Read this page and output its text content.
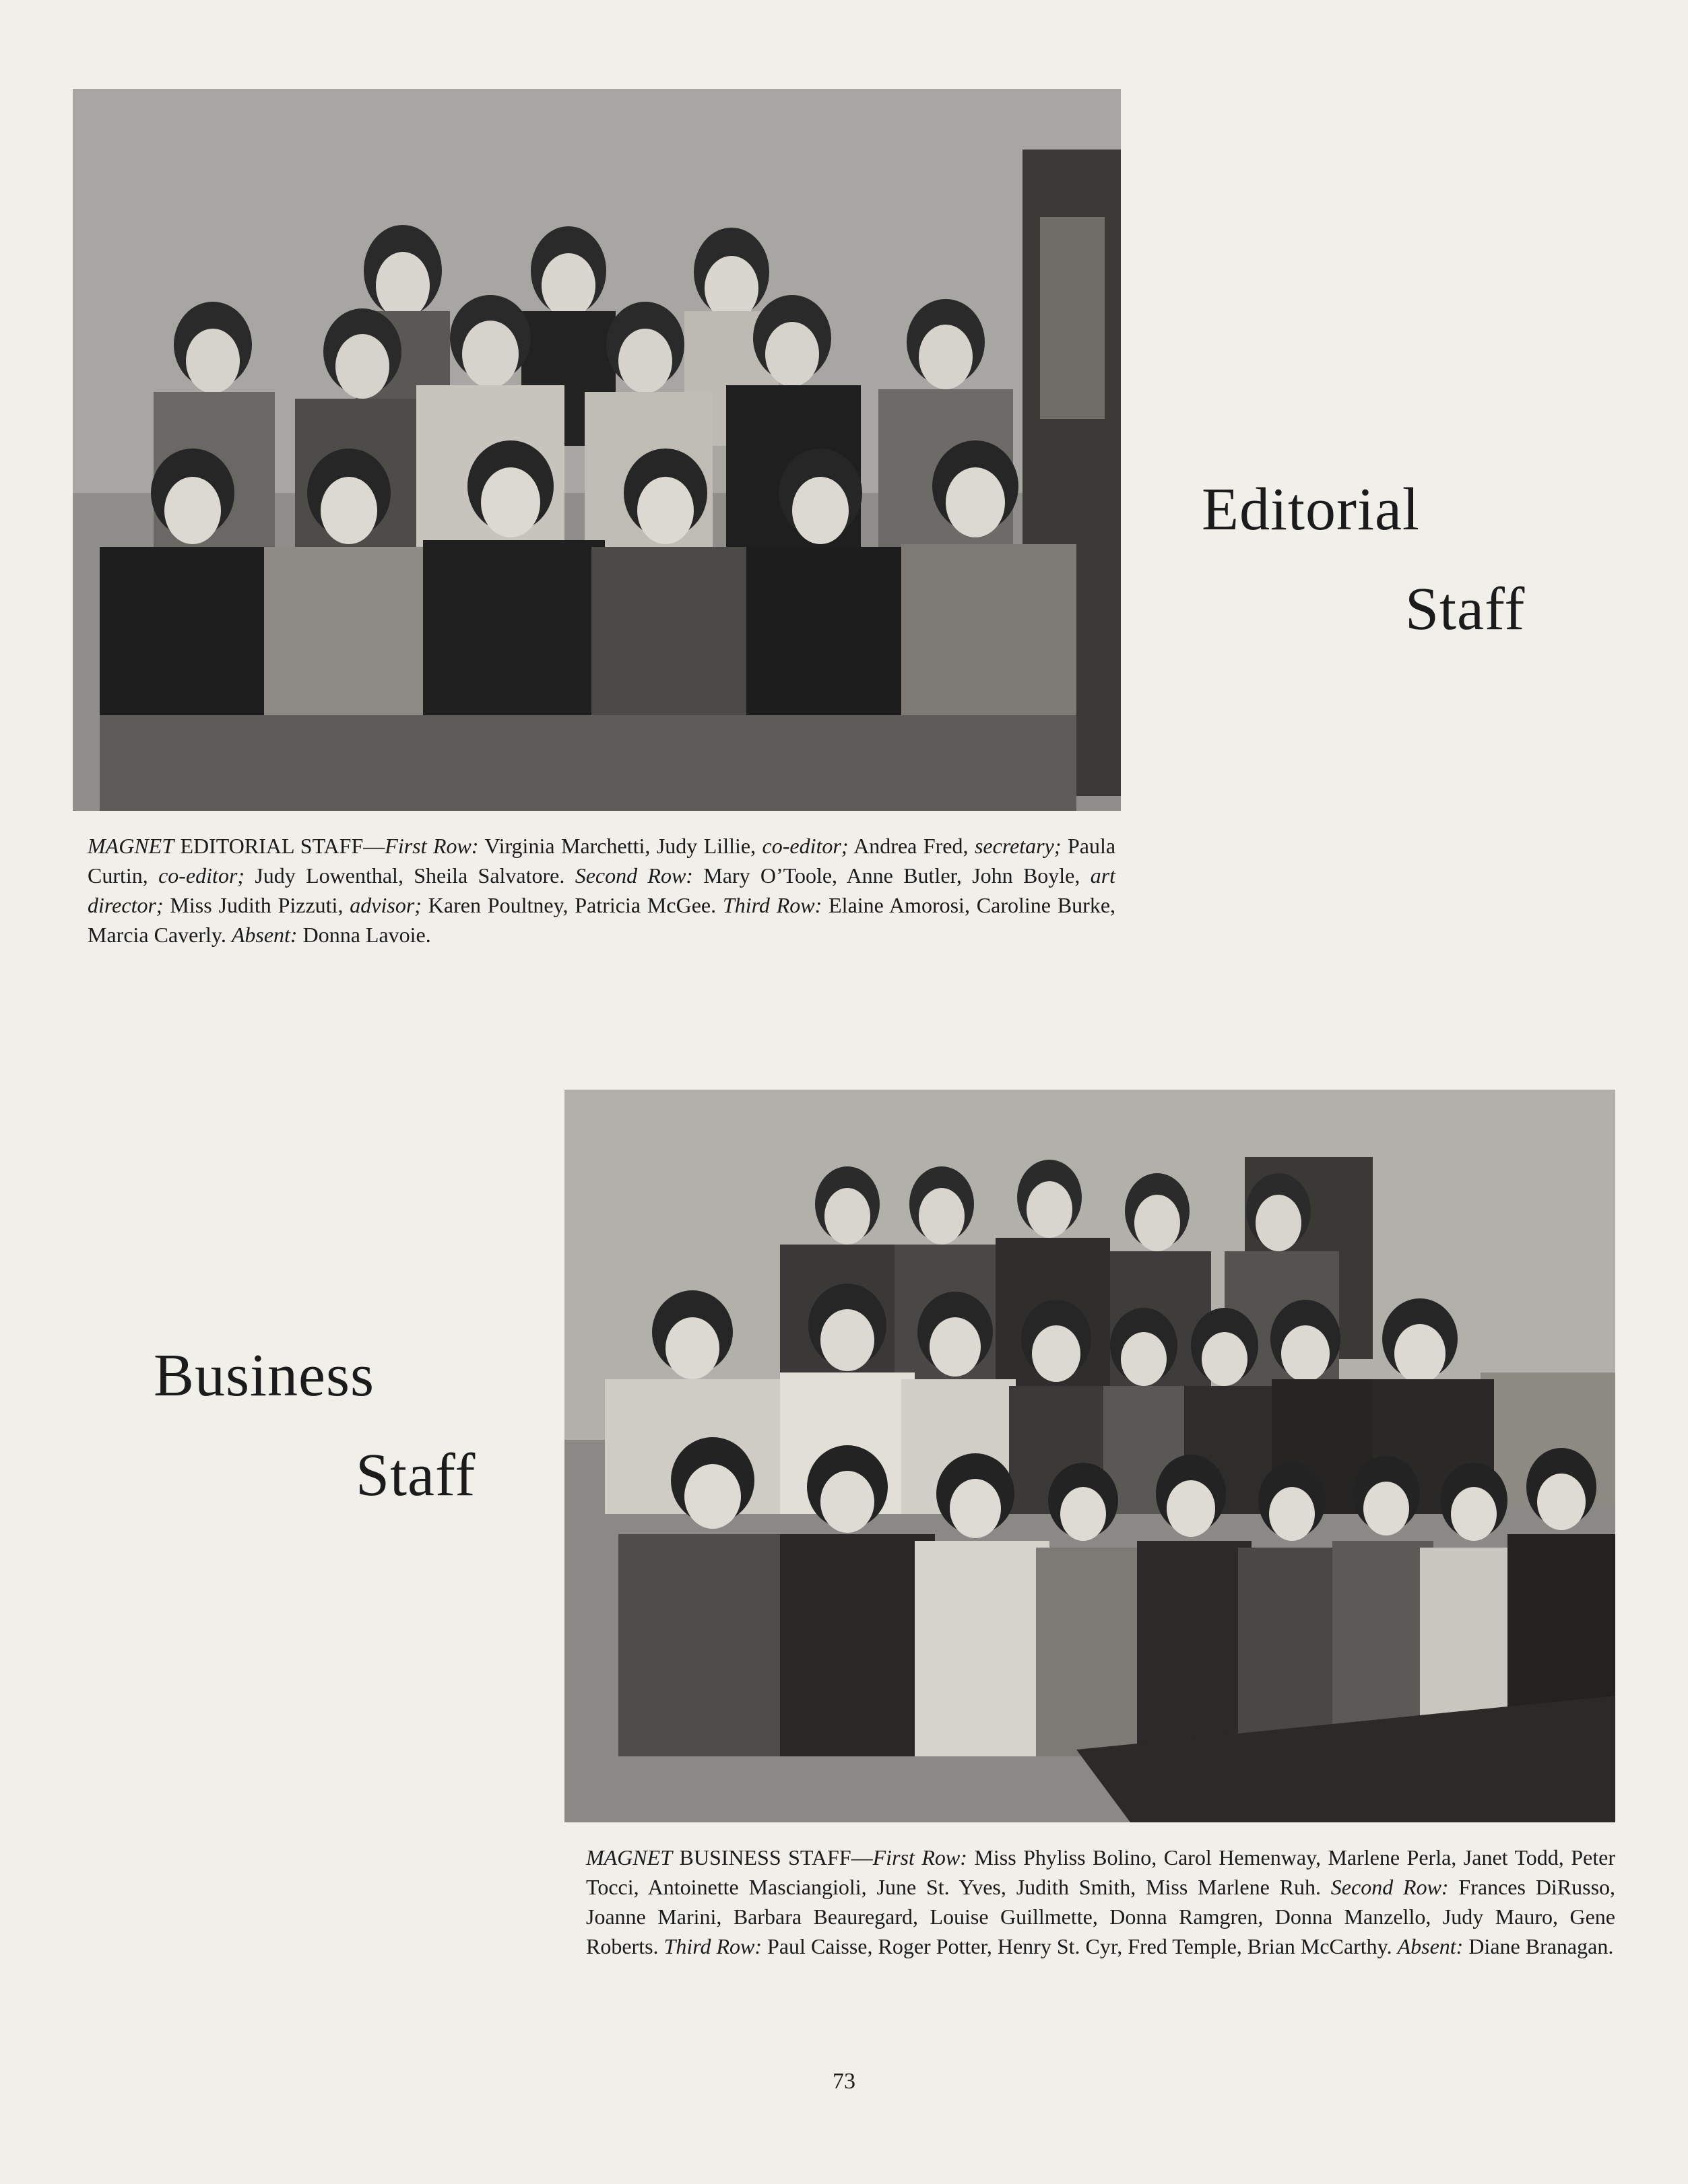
Editorial
Staff

MAGNET EDITORIAL STAFF—First Row: Virginia Marchetti, Judy Lillie, co-editor; Andrea Fred, secretary; Paula Curtin, co-editor; Judy Lowenthal, Sheila Salvatore. Second Row: Mary O’Toole, Anne Butler, John Boyle, art director; Miss Judith Pizzuti, advisor; Karen Poultney, Patricia McGee. Third Row: Elaine Amorosi, Caroline Burke, Marcia Caverly. Absent: Donna Lavoie.

Business
Staff

MAGNET BUSINESS STAFF—First Row: Miss Phyliss Bolino, Carol Hemenway, Marlene Perla, Janet Todd, Peter Tocci, Antoinette Masciangioli, June St. Yves, Judith Smith, Miss Marlene Ruh. Second Row: Frances DiRusso, Joanne Marini, Barbara Beauregard, Louise Guillmette, Donna Ramgren, Donna Manzello, Judy Mauro, Gene Roberts. Third Row: Paul Caisse, Roger Potter, Henry St. Cyr, Fred Temple, Brian McCarthy. Absent: Diane Branagan.

73
